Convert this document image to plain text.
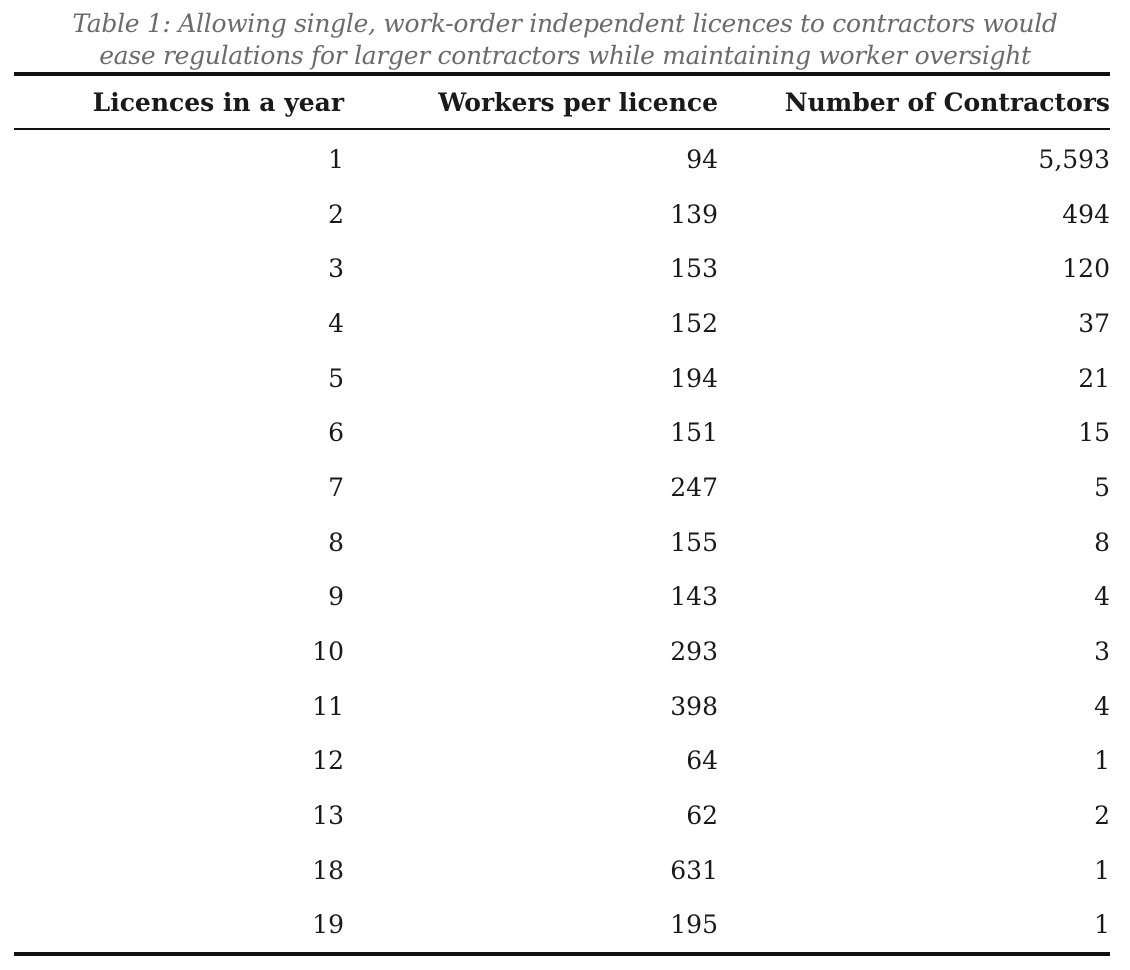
Table 1: Allowing single, work-order independent licences to contractors would
ease regulations for larger contractors while maintaining worker oversight
Licences in a year	Workers per licence	Number of Contractors
1	94	5,593
2	139	494
3	153	120
4	152	37
5	194	21
6	151	15
7	247	5
8	155	8
9	143	4
10	293	3
11	398	4
12	64	1
13	62	2
18	631	1
19	195	1
